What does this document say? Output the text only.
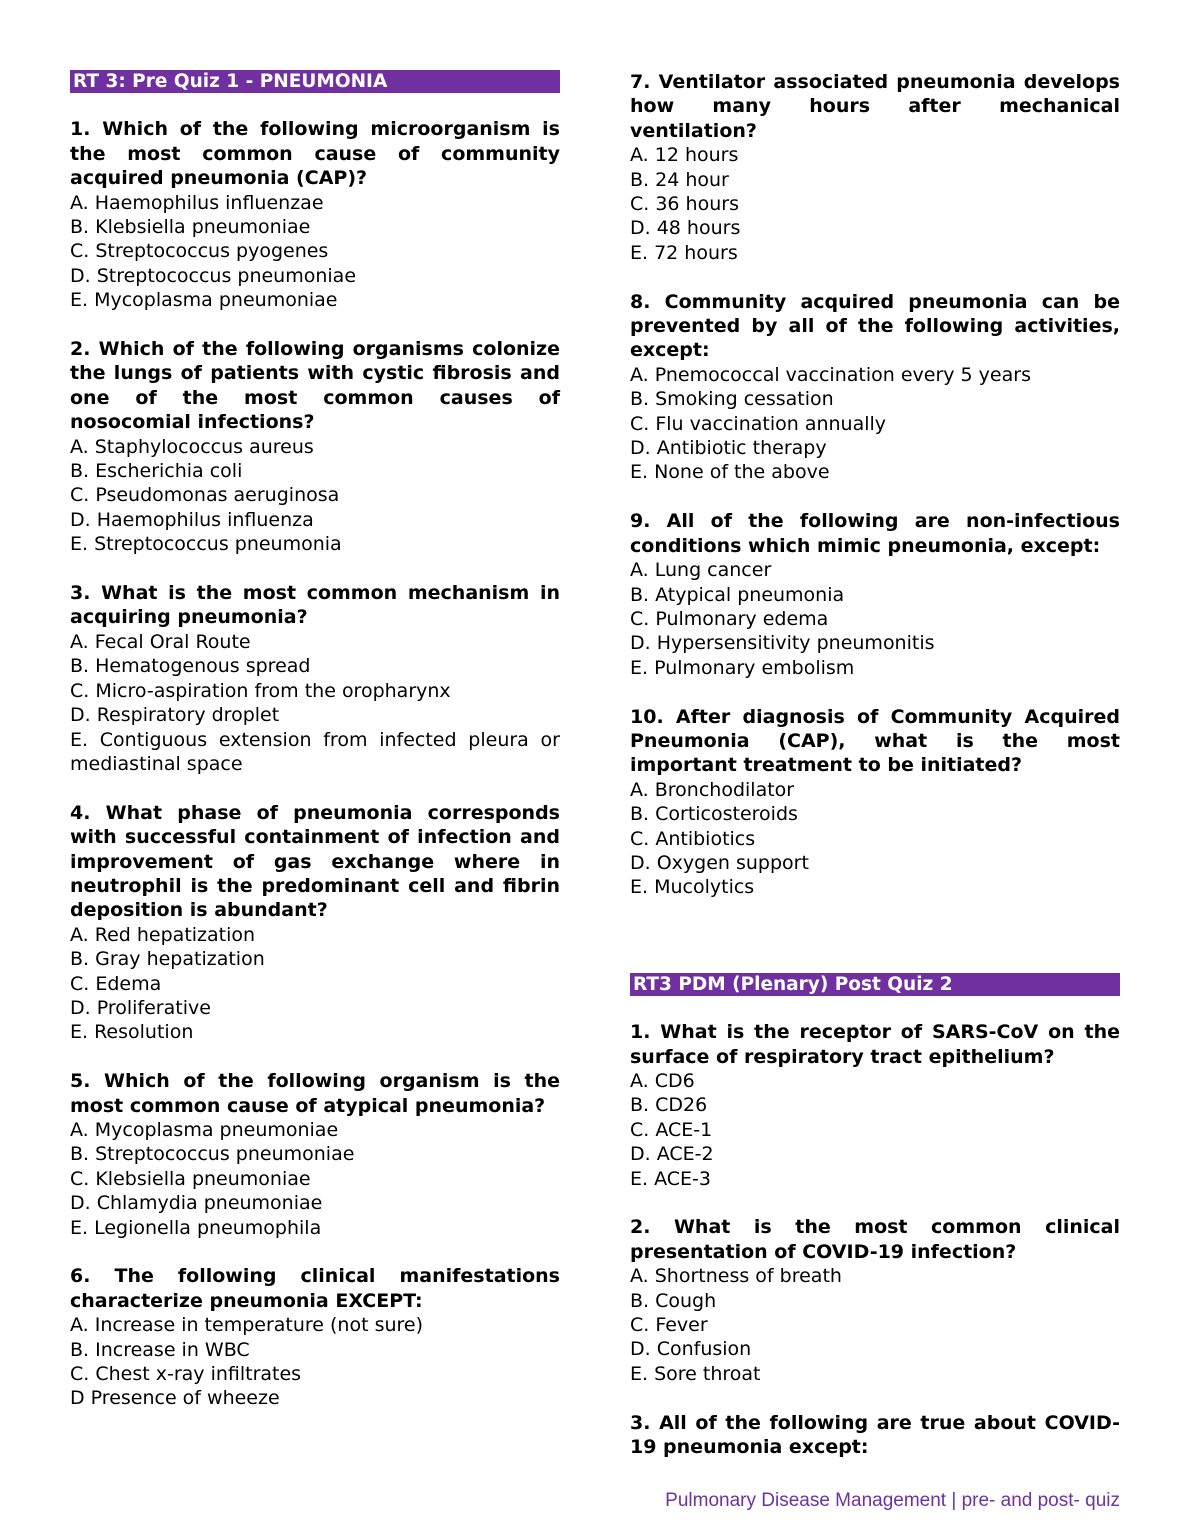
RT 3: Pre Quiz 1 - PNEUMONIA
1. Which of the following microorganism is the most common cause of community acquired pneumonia (CAP)?
A. Haemophilus influenzae
B. Klebsiella pneumoniae
C. Streptococcus pyogenes
D. Streptococcus pneumoniae
E. Mycoplasma pneumoniae
2. Which of the following organisms colonize the lungs of patients with cystic fibrosis and one of the most common causes of nosocomial infections?
A. Staphylococcus aureus
B. Escherichia coli
C. Pseudomonas aeruginosa
D. Haemophilus influenza
E. Streptococcus pneumonia
3. What is the most common mechanism in acquiring pneumonia?
A. Fecal Oral Route
B. Hematogenous spread
C. Micro-aspiration from the oropharynx
D. Respiratory droplet
E. Contiguous extension from infected pleura or mediastinal space
4. What phase of pneumonia corresponds with successful containment of infection and improvement of gas exchange where in neutrophil is the predominant cell and fibrin deposition is abundant?
A. Red hepatization
B. Gray hepatization
C. Edema
D. Proliferative
E. Resolution
5. Which of the following organism is the most common cause of atypical pneumonia?
A. Mycoplasma pneumoniae
B. Streptococcus pneumoniae
C. Klebsiella pneumoniae
D. Chlamydia pneumoniae
E. Legionella pneumophila
6. The following clinical manifestations characterize pneumonia EXCEPT:
A. Increase in temperature (not sure)
B. Increase in WBC
C. Chest x-ray infiltrates
D Presence of wheeze
7. Ventilator associated pneumonia develops how many hours after mechanical ventilation?
A. 12 hours
B. 24 hour
C. 36 hours
D. 48 hours
E. 72 hours
8. Community acquired pneumonia can be prevented by all of the following activities, except:
A. Pnemococcal vaccination every 5 years
B. Smoking cessation
C. Flu vaccination annually
D. Antibiotic therapy
E. None of the above
9. All of the following are non-infectious conditions which mimic pneumonia, except:
A. Lung cancer
B. Atypical pneumonia
C. Pulmonary edema
D. Hypersensitivity pneumonitis
E. Pulmonary embolism
10. After diagnosis of Community Acquired Pneumonia (CAP), what is the most important treatment to be initiated?
A. Bronchodilator
B. Corticosteroids
C. Antibiotics
D. Oxygen support
E. Mucolytics
RT3 PDM (Plenary) Post Quiz 2
1. What is the receptor of SARS-CoV on the surface of respiratory tract epithelium?
A. CD6
B. CD26
C. ACE-1
D. ACE-2
E. ACE-3
2. What is the most common clinical presentation of COVID-19 infection?
A. Shortness of breath
B. Cough
C. Fever
D. Confusion
E. Sore throat
3. All of the following are true about COVID-19 pneumonia except:
Pulmonary Disease Management | pre- and post- quiz
